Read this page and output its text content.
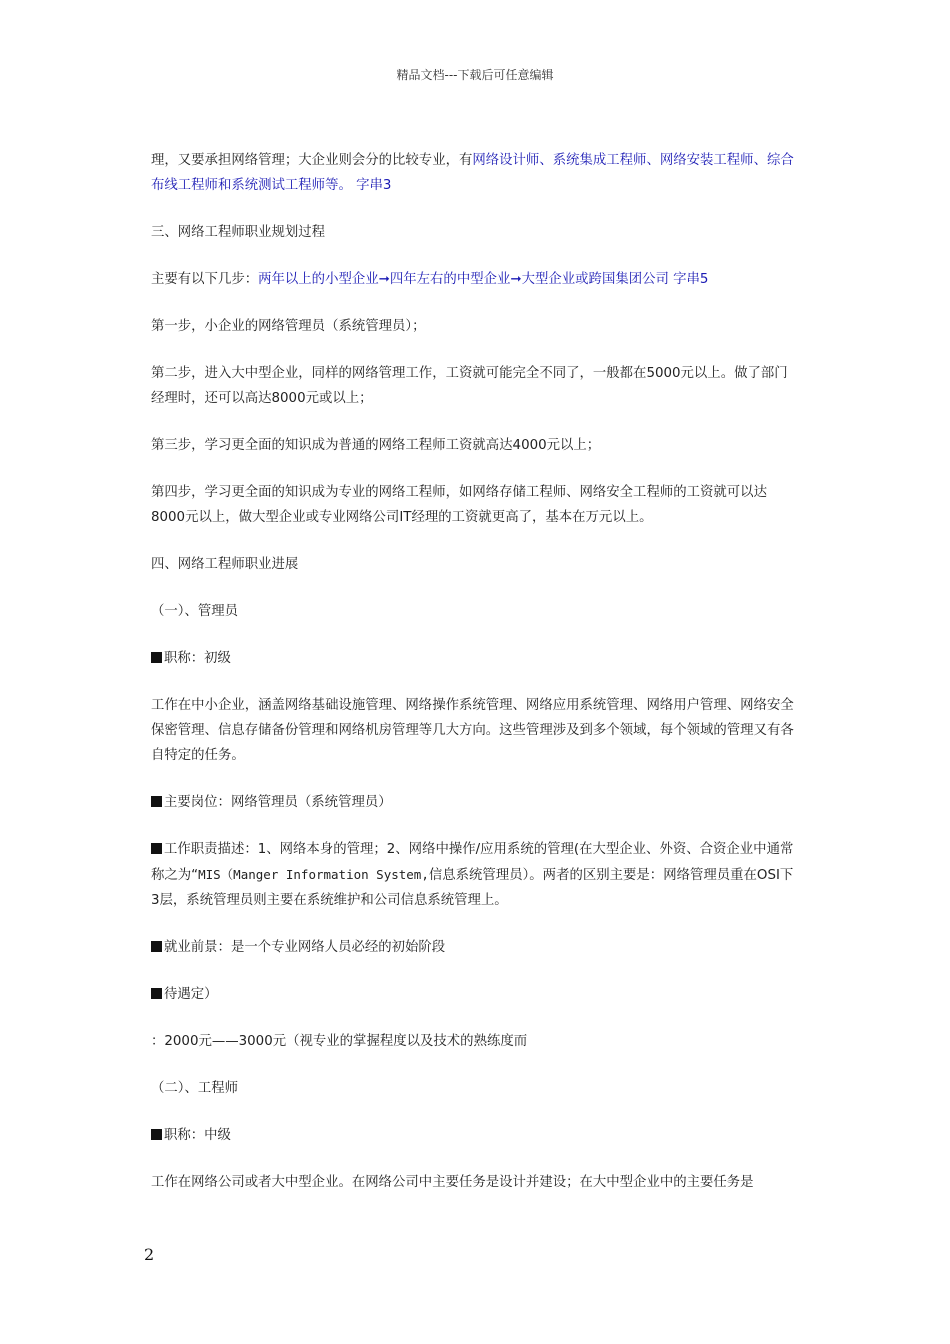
精品文档---下载后可任意编辑

理，又要承担网络管理；大企业则会分的比较专业，有网络设计师、系统集成工程师、网络安装工程师、综合布线工程师和系统测试工程师等。 字串3

三、网络工程师职业规划过程

主要有以下几步：两年以上的小型企业➞四年左右的中型企业➞大型企业或跨国集团公司 字串5

第一步，小企业的网络管理员（系统管理员）；

第二步，进入大中型企业，同样的网络管理工作，工资就可能完全不同了，一般都在5000元以上。做了部门经理时，还可以高达8000元或以上；

第三步，学习更全面的知识成为普通的网络工程师工资就高达4000元以上；

第四步，学习更全面的知识成为专业的网络工程师，如网络存储工程师、网络安全工程师的工资就可以达8000元以上，做大型企业或专业网络公司IT经理的工资就更高了，基本在万元以上。

四、网络工程师职业进展

（一）、管理员

职称：初级

工作在中小企业，涵盖网络基础设施管理、网络操作系统管理、网络应用系统管理、网络用户管理、网络安全保密管理、信息存储备份管理和网络机房管理等几大方向。这些管理涉及到多个领域，每个领域的管理又有各自特定的任务。

主要岗位：网络管理员（系统管理员）

工作职责描述：1、网络本身的管理；2、网络中操作/应用系统的管理(在大型企业、外资、合资企业中通常称之为“MIS（Manger Information System,信息系统管理员）。两者的区别主要是：网络管理员重在OSI下3层，系统管理员则主要在系统维护和公司信息系统管理上。

就业前景：是一个专业网络人员必经的初始阶段

待遇定）

：2000元——3000元（视专业的掌握程度以及技术的熟练度而

（二）、工程师

职称：中级

工作在网络公司或者大中型企业。在网络公司中主要任务是设计并建设；在大中型企业中的主要任务是

2
